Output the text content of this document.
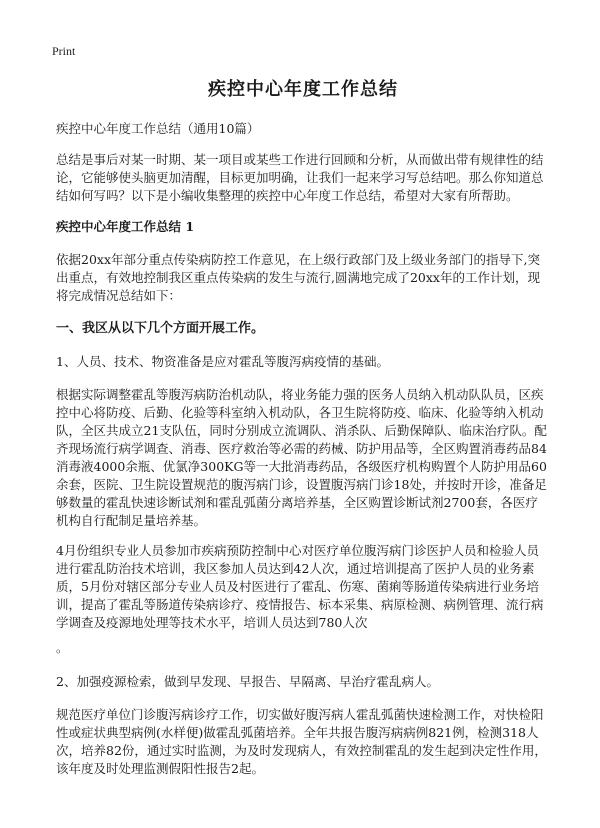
Print
疾控中心年度工作总结
疾控中心年度工作总结（通用10篇）

总结是事后对某一时期、某一项目或某些工作进行回顾和分析，从而做出带有规律性的结论，它能够使头脑更加清醒，目标更加明确，让我们一起来学习写总结吧。那么你知道总结如何写吗？以下是小编收集整理的疾控中心年度工作总结，希望对大家有所帮助。

疾控中心年度工作总结 1

依据20xx年部分重点传染病防控工作意见，在上级行政部门及上级业务部门的指导下,突出重点，有效地控制我区重点传染病的发生与流行,圆满地完成了20xx年的工作计划，现将完成情况总结如下：

一、我区从以下几个方面开展工作。
1、人员、技术、物资准备是应对霍乱等腹泻病疫情的基础。

根据实际调整霍乱等腹泻病防治机动队，将业务能力强的医务人员纳入机动队队员，区疾控中心将防疫、后勤、化验等科室纳入机动队，各卫生院将防疫、临床、化验等纳入机动队，全区共成立21支队伍，同时分别成立流调队、消杀队、后勤保障队、临床治疗队。配齐现场流行病学调查、消毒、医疗救治等必需的药械、防护用品等，全区购置消毒药品84消毒液4000余瓶、优氯净300KG等一大批消毒药品，各级医疗机构购置个人防护用品60余套，医院、卫生院设置规范的腹泻病门诊，设置腹泻病门诊18处，并按时开诊，准备足够数量的霍乱快速诊断试剂和霍乱弧菌分离培养基，全区购置诊断试剂2700套，各医疗机构自行配制足量培养基。

4月份组织专业人员参加市疾病预防控制中心对医疗单位腹泻病门诊医护人员和检验人员进行霍乱防治技术培训，我区参加人员达到42人次，通过培训提高了医护人员的业务素质，5月份对辖区部分专业人员及村医进行了霍乱、伤寒、菌痢等肠道传染病进行业务培训，提高了霍乱等肠道传染病诊疗、疫情报告、标本采集、病原检测、病例管理、流行病学调查及疫源地处理等技术水平，培训人员达到780人次

。
2、加强疫源检索，做到早发现、早报告、早隔离、早治疗霍乱病人。

规范医疗单位门诊腹泻病诊疗工作，切实做好腹泻病人霍乱弧菌快速检测工作，对快检阳性或症状典型病例(水样便)做霍乱弧菌培养。全年共报告腹泻病病例821例，检测318人次，培养82份，通过实时监测，为及时发现病人，有效控制霍乱的发生起到决定性作用，该年度及时处理监测假阳性报告2起。
